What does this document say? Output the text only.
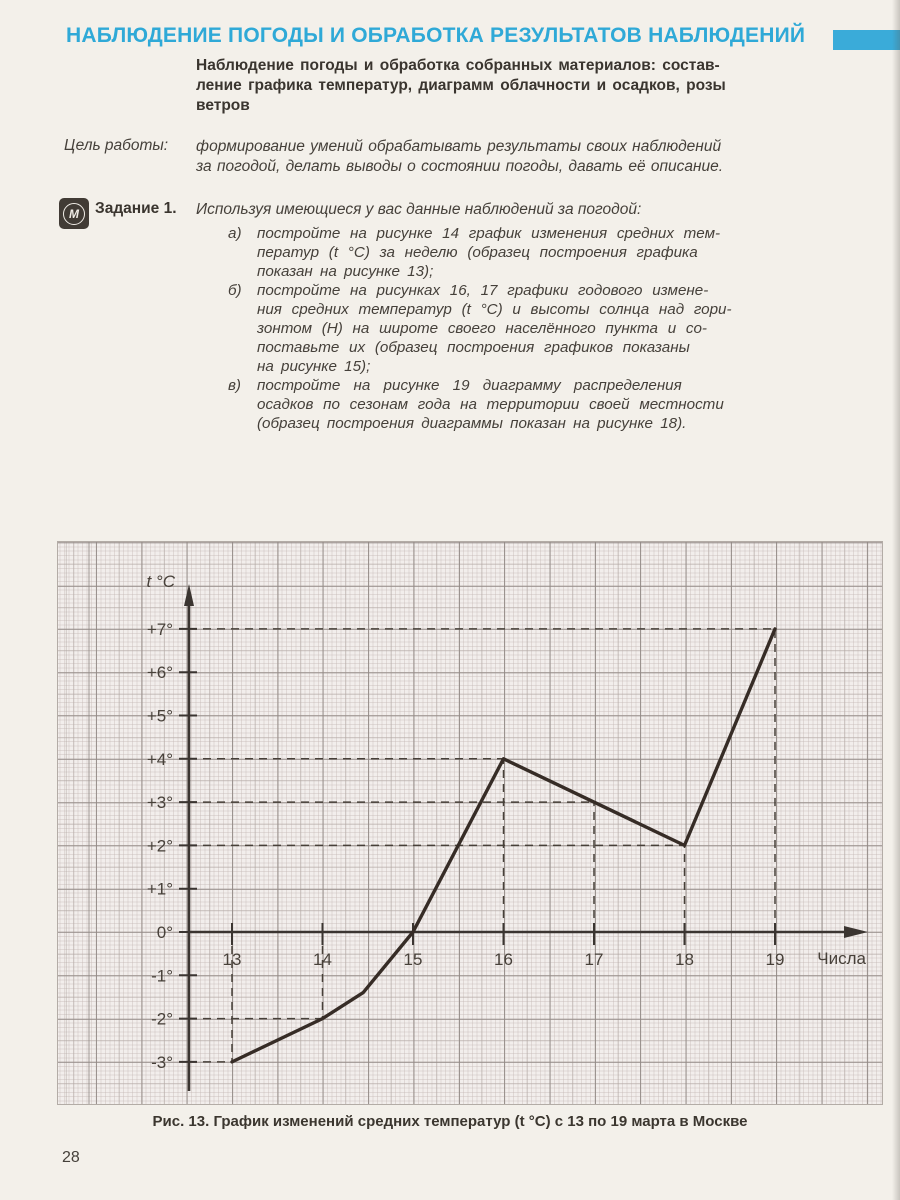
НАБЛЮДЕНИЕ ПОГОДЫ И ОБРАБОТКА РЕЗУЛЬТАТОВ НАБЛЮДЕНИЙ
Наблюдение погоды и обработка собранных материалов: состав-
ление графика температур, диаграмм облачности и осадков, розы
ветров
Цель работы: формирование умений обрабатывать результаты своих наблюдений
за погодой, делать выводы о состоянии погоды, давать её описание.
М Задание 1. Используя имеющиеся у вас данные наблюдений за погодой:
а) постройте на рисунке 14 график изменения средних тем-
ператур (t °C) за неделю (образец построения графика
показан на рисунке 13);
б) постройте на рисунках 16, 17 графики годового измене-
ния средних температур (t °C) и высоты солнца над гори-
зонтом (Н) на широте своего населённого пункта и со-
поставьте их (образец построения графиков показаны
на рисунке 15);
в) постройте на рисунке 19 диаграмму распределения
осадков по сезонам года на территории своей местности
(образец построения диаграммы показан на рисунке 18).
+7°
+6°
+5°
+4°
+3°
+2°
+1°
0°
-1°
-2°
-3°
13	14	15	16	17	18	19
t °C
Числа
Рис. 13. График изменений средних температур (t °C) с 13 по 19 марта в Москве
28
